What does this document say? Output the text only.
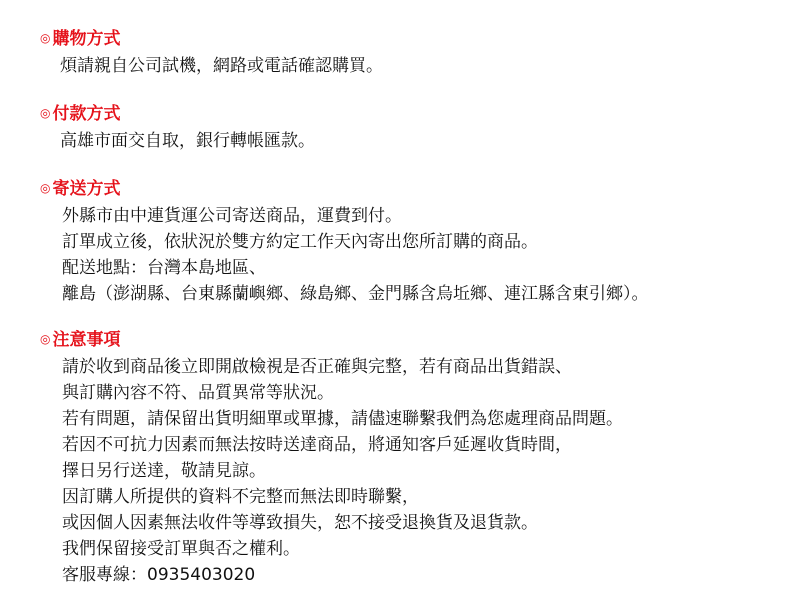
◎ 購物方式
煩請親自公司試機，網路或電話確認購買。
◎ 付款方式
高雄市面交自取，銀行轉帳匯款。
◎ 寄送方式
外縣市由中連貨運公司寄送商品，運費到付。
訂單成立後，依狀況於雙方約定工作天內寄出您所訂購的商品。
配送地點：台灣本島地區、
離島（澎湖縣、台東縣蘭嶼鄉、綠島鄉、金門縣含烏坵鄉、連江縣含東引鄉）。
◎ 注意事項
請於收到商品後立即開啟檢視是否正確與完整，若有商品出貨錯誤、
與訂購內容不符、品質異常等狀況。
若有問題，請保留出貨明細單或單據，請儘速聯繫我們為您處理商品問題。
若因不可抗力因素而無法按時送達商品，將通知客戶延遲收貨時間，
擇日另行送達，敬請見諒。
因訂購人所提供的資料不完整而無法即時聯繫，
或因個人因素無法收件等導致損失，恕不接受退換貨及退貨款。
我們保留接受訂單與否之權利。
客服專線：0935403020
